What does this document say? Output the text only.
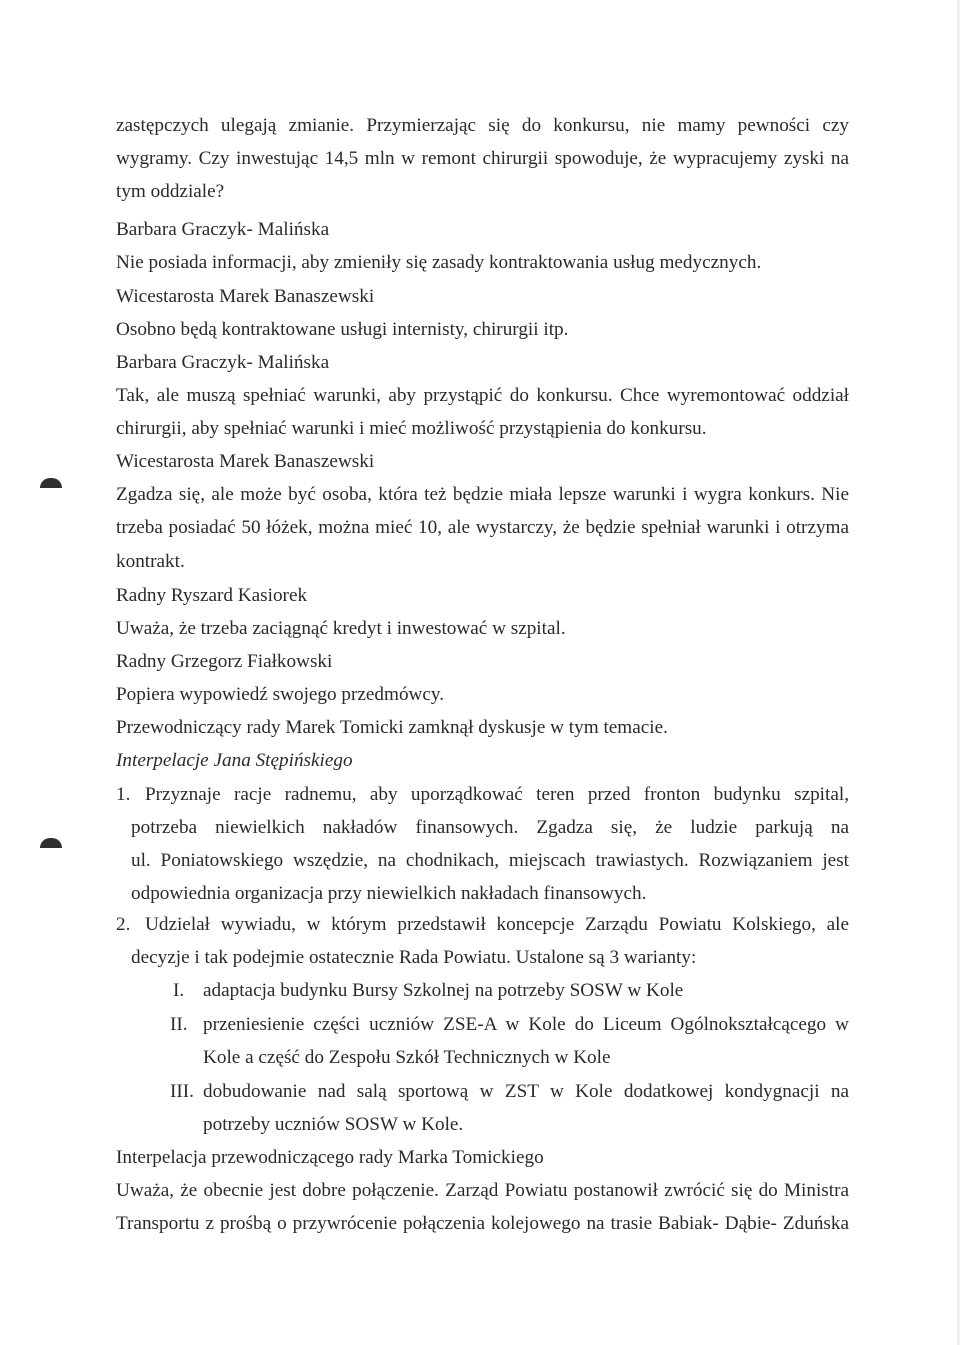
zastępczych ulegają zmianie. Przymierzając się do konkursu, nie mamy pewności czy
wygramy. Czy inwestując 14,5 mln w remont chirurgii spowoduje, że wypracujemy zyski na
tym oddziale?
Barbara Graczyk- Malińska
Nie posiada informacji, aby zmieniły się zasady kontraktowania usług medycznych.
Wicestarosta Marek Banaszewski
Osobno będą kontraktowane usługi internisty, chirurgii itp.
Barbara Graczyk- Malińska
Tak, ale muszą spełniać warunki, aby przystąpić do konkursu. Chce wyremontować oddział
chirurgii, aby spełniać warunki i mieć możliwość przystąpienia do konkursu.
Wicestarosta Marek Banaszewski
Zgadza się, ale może być osoba, która też będzie miała lepsze warunki i wygra konkurs. Nie
trzeba posiadać 50 łóżek, można mieć 10, ale wystarczy, że będzie spełniał warunki i otrzyma
kontrakt.
Radny Ryszard Kasiorek
Uważa, że trzeba zaciągnąć kredyt i inwestować w szpital.
Radny Grzegorz Fiałkowski
Popiera wypowiedź swojego przedmówcy.
Przewodniczący rady Marek Tomicki zamknął dyskusje w tym temacie.
Interpelacje Jana Stępińskiego
1. Przyznaje racje radnemu, aby uporządkować teren przed fronton budynku szpital,
potrzeba niewielkich nakładów finansowych. Zgadza się, że ludzie parkują na
ul. Poniatowskiego wszędzie, na chodnikach, miejscach trawiastych. Rozwiązaniem jest
odpowiednia organizacja przy niewielkich nakładach finansowych.
2. Udzielał wywiadu, w którym przedstawił koncepcje Zarządu Powiatu Kolskiego, ale
decyzje i tak podejmie ostatecznie Rada Powiatu. Ustalone są 3 warianty:
I. adaptacja budynku Bursy Szkolnej na potrzeby SOSW w Kole
II. przeniesienie części uczniów ZSE-A w Kole do Liceum Ogólnokształcącego w
Kole a część do Zespołu Szkół Technicznych w Kole
III. dobudowanie nad salą sportową w ZST w Kole dodatkowej kondygnacji na
potrzeby uczniów SOSW w Kole.
Interpelacja przewodniczącego rady Marka Tomickiego
Uważa, że obecnie jest dobre połączenie. Zarząd Powiatu postanowił zwrócić się do Ministra
Transportu z prośbą o przywrócenie połączenia kolejowego na trasie Babiak- Dąbie- Zduńska
